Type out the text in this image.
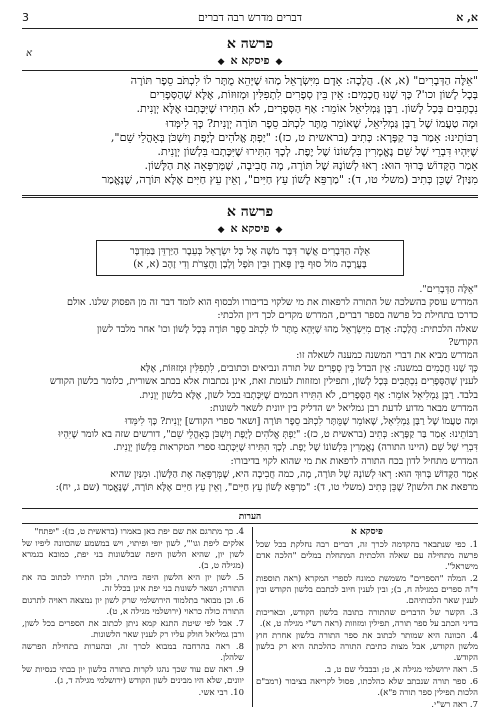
א, א
דברים מדרש רבה דברים
3
פרשה א
א
◆פיסקא א◆

"אֵלֶּה הַדְּבָרִים" (א, א). הֲלָכָה: אָדָם מִיִּשְׂרָאֵל מַהוּ שֶׁיְּהֵא מֻתָּר לוֹ לִכְתֹּב סֵפֶר תּוֹרָה

בְּכָל לָשׁוֹן וכו'? כָּךְ שָׁנוּ חֲכָמִים: אֵין בֵּין סְפָרִים לִתְפִלִּין וּמְזוּזוֹת, אֶלָּא שֶׁהַסְּפָרִים

נִכְתָּבִים בְּכָל לָשׁוֹן. רַבָּן גַּמְלִיאֵל אוֹמֵר: אַף הַסְּפָרִים, לֹא הִתִּירוּ שֶׁיִּכָּתְבוּ אֶלָּא יְוָנִית.

וּמָה טַעֲמוֹ שֶׁל רַבָּן גַּמְלִיאֵל, שֶׁאוֹמֵר מֻתָּר לִכְתֹּב סֵפֶר תּוֹרָה יְוָנִית? כָּךְ לִימְּדוּ

רַבּוֹתֵינוּ: אָמַר בַּר קַפָּרָא: כְּתִיב (בראשית ט, כז): "יַפְתְּ אֱלֹהִים לְיֶפֶת וְיִשְׁכֹּן בְּאָהֳלֵי שֵׁם",

שֶׁיִּהְיוּ דִּבְרֵי שֶׁל שֵׁם נֶאֱמָרִין בִּלְשׁוֹנוֹ שֶׁל יֶפֶת. לְכָךְ הִתִּירוּ שֶׁיִּכָּתְבוּ בִּלְשׁוֹן יְוָנִית.

אָמַר הַקָּדוֹשׁ בָּרוּךְ הוּא: רְאוּ לְשׁוֹנָהּ שֶׁל תּוֹרָה, מָה חֲבִיבָה, שֶׁמְּרַפְּאָה אֶת הַלָּשׁוֹן.

מִנַּיִן? שֶׁכֵּן כְּתִיב (משלי טו, ד): "מַרְפֵּא לָשׁוֹן עֵץ חַיִּים", וְאֵין עֵץ חַיִּים אֶלָּא תּוֹרָה, שֶׁנֶּאֱמַר

פרשה א
◆פיסקא א◆
אֵלֶּה הַדְּבָרִים אֲשֶׁר דִּבֶּר מֹשֶׁה אֶל כָּל יִשְׂרָאֵל בְּעֵבֶר הַיַּרְדֵּן בַּמִּדְבָּר
בָּעֲרָבָה מוֹל סוּף בֵּין פָּארָן וּבֵין תֹּפֶל וְלָבָן וַחֲצֵרֹת וְדִי זָהָב (א, א)

"אֵלֶּה הַדְּבָרִים".

המדרש עוסק בהשלכה של התורה לרפאות את מי שלקוי בדיבורו ולבסוף הוא לומד דבר זה מן הפסוק שלנו. אולם

כדרכו בתחילת כל פרשה בספר דברים, המדרש מקדים לכך דיון הלכתי:

שאלה הלכתית: הֲלָכָה: אָדָם מִיִּשְׂרָאֵל מַהוּ שֶׁיְּהֵא מֻתָּר לוֹ לִכְתֹּב סֵפֶר תּוֹרָה בְּכָל לָשׁוֹן וכו' אחר מלבד לשון

הקודש?

המדרש מביא את דברי המשנה כמענה לשאלה זו:

כָּךְ שָׁנוּ חֲכָמִים במשנה: אֵין הבדל בֵּין סְפָרִים של תורה ונביאים וכתובים, לִתְפִלִּין וּמְזוּזוֹת, אֶלָּא

לענין שֶׁהַסְּפָרִים נִכְתָּבִים בְּכָל לָשׁוֹן, ותפילין ומזוזות לעומת זאת, אינן נכתבות אלא בכתב אשורית, כלומר בלשון הקודש

בלבד. רַבָּן גַּמְלִיאֵל אוֹמֵר: אַף הַסְּפָרִים, לֹא הִתִּירוּ חכמים שֶׁיִּכָּתְבוּ בכל לשון, אֶלָּא בלשון יְוָנִית.

המדרש מבאר מדוע לדעת רבן גמליאל יש הדליק בין יוונית לשאר לשונות:

וּמָה טַעֲמוֹ שֶׁל רַבָּן גַּמְלִיאֵל, שֶׁאוֹמֵר שֶׁמֻּתָּר לִכְתֹּב סֵפֶר תּוֹרָה [ושאר ספרי הקודש] יְוָנִית? כָּךְ לִימְּדוּ

רַבּוֹתֵינוּ: אָמַר בַּר קַפָּרָא: כְּתִיב (בראשית ט, כז): "יַפְתְּ אֱלֹהִים לְיֶפֶת וְיִשְׁכֹּן בְּאָהֳלֵי שֵׁם", דורשים שזה בא לומר שֶׁיִּהְיוּ

דִּבְרֵי שֶׁל שֵׁם (היינו התורה) נֶאֱמָרִין בִּלְשׁוֹנוֹ שֶׁל יֶפֶת. לְכָךְ הִתִּירוּ שֶׁיִּכָּתְבוּ ספרי המקראות בִּלְשׁוֹן יְוָנִית.

המדרש מתחיל לדון בכח התורה לרפאות את מי שהוא לקוי בדיבורו:

אָמַר הַקָּדוֹשׁ בָּרוּךְ הוּא: רְאוּ לְשׁוֹנָהּ שֶׁל תּוֹרָה, מָה, כמה חֲבִיבָה היא, שֶׁמְּרַפְּאָה אֶת הַלָּשׁוֹן. וּמִנַּיִן שהיא

מרפאת את הלשון? שֶׁכֵּן כְּתִיב (משלי טו, ד): "מַרְפֵּא לָשׁוֹן עֵץ חַיִּים", וְאֵין עֵץ חַיִּים אֶלָּא תּוֹרָה, שֶׁנֶּאֱמַר (שם ג, יח):

הערות
פיסקא א

1. כפי שנתבאר בהקדמה לכרך זה, דברים רבה נחלקת בכל שכל פרשה מתחילה עם שאלה הלכתית המתחלת במלים "הלכה אדם מישראל".

2. המלה "הספרים" משמשת כמונח לספרי המקרא (ראה תוספות ד"ה ספרים במגילה ח, ב); ובין לענין חיוב לכתבם בלשון הקודש ובין לענין שאר הלכותיהם.

3. הקשר של הדברים שהתורה כתובה בלשון הקודש, ובאריכות בדיני הכתב על ספר תורה, תפילין ומזוזות (ראה רש"י מגילה ט, א).

4. הכוונה היא שמותר לכתוב את ספר התורה בלשון אחרת חוץ מלשון הקודש, אבל מצות כתיבת התורה כהלכתה היא רק בלשון הקודש.

5. ראה ירושלמי מגילה א, ט; ובבבלי שם ט, ב.

6. ספר תורה שנכתב שלא כהלכתו, פסול לקריאה בציבור (רמב"ם הלכות תפילין ספר תורה פ"א).

7. ראה רש"י.

4. כך מתרגם את שם יפת כאן באמרו (בראשית ט, כז): "יפתח"

אלקים ליפת וגו'", לשון יופי ופיתוי, ויש במשמע שהכוונה ליפיו של לשון יון, שהיא הלשון היפה שבלשונות בני יפת, כמובא בגמרא (מגילה ט, ב).

5. לשון יון היא הלשון היפה ביותר, ולכן התירו לכתוב בה את התורה; ושאר לשונות בני יפת אינן בכלל זה.

6. וכן מבואר בתלמוד הירושלמי שרק לשון יון נמצאה ראויה לתרגום התורה כולה כראוי (ירושלמי מגילה א, ט).

7. אבל לפי שיטת התנא קמא ניתן לכתוב את הספרים בכל לשון, ורבן גמליאל חולק עליו רק לענין שאר הלשונות.

8. ראה בהרחבה במבוא לכרך זה, ובהערות בתחילת הפרשה שלהלן.

9. ראה שם עוד שכך נהגו לקרות בתורה בלשון יון בבתי כנסיות של יוונים, שלא היו מבינים לשון הקודש (ירושלמי מגילה ד, ג).

10. רבי אשי.
